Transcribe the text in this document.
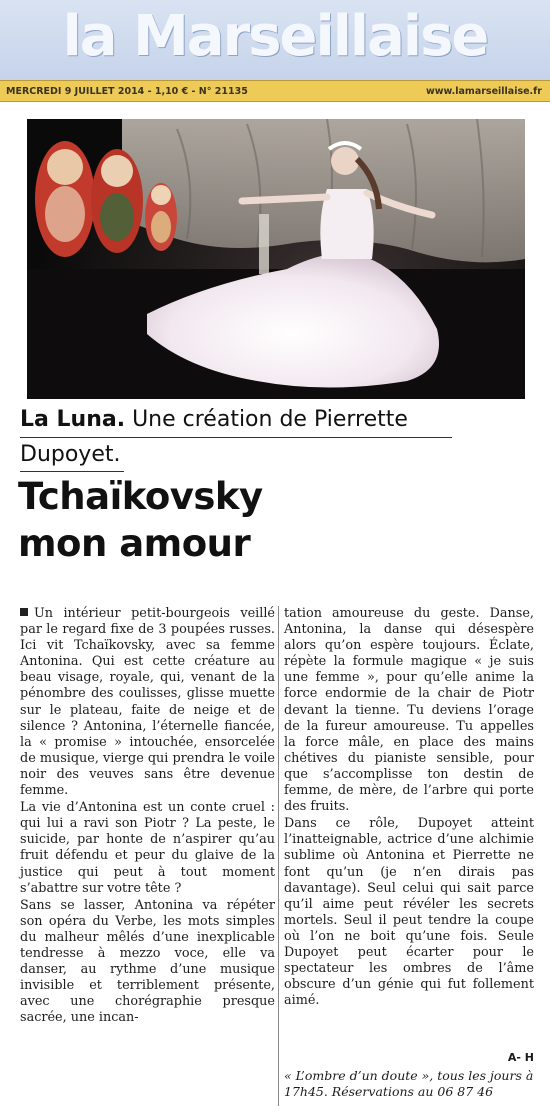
la Marseillaise
MERCREDI 9 JUILLET 2014 - 1,10 € - N° 21135	www.lamarseillaise.fr
La Luna. Une création de Pierrette
Dupoyet.
Tchaïkovsky
mon amour

Un intérieur petit-bourgeois veillé par le regard fixe de 3 poupées russes. Ici vit Tchaïkovsky, avec sa femme Antonina. Qui est cette créature au beau visage, royale, qui, venant de la pénombre des coulisses, glisse muette sur le plateau, faite de neige et de silence ? Antonina, l’éternelle fiancée, la « promise » intouchée, ensorcelée de musique, vierge qui prendra le voile noir des veuves sans être devenue femme.

La vie d’Antonina est un conte cruel : qui lui a ravi son Piotr ? La peste, le suicide, par honte de n’aspirer qu’au fruit défendu et peur du glaive de la justice qui peut à tout moment s’abattre sur votre tête ?

Sans se lasser, Antonina va répéter son opéra du Verbe, les mots simples du malheur mêlés d’une inexplicable tendresse à mezzo voce, elle va danser, au rythme d’une musique invisible et terriblement présente, avec une chorégraphie presque sacrée, une incan-

tation amoureuse du geste. Danse, Antonina, la danse qui désespère alors qu’on espère toujours. Éclate, répète la formule magique « je suis une femme », pour qu’elle anime la force endormie de la chair de Piotr devant la tienne. Tu deviens l’orage de la fureur amoureuse. Tu appelles la force mâle, en place des mains chétives du pianiste sensible, pour que s’accomplisse ton destin de femme, de mère, de l’arbre qui porte des fruits.

Dans ce rôle, Dupoyet atteint l’inatteignable, actrice d’une alchimie sublime où Antonina et Pierrette ne font qu’un (je n’en dirais pas davantage). Seul celui qui sait parce qu’il aime peut révéler les secrets mortels. Seul il peut tendre la coupe où l’on ne boit qu’une fois. Seule Dupoyet peut écarter pour le spectateur les ombres de l’âme obscure d’un génie qui fut follement aimé.

A- H
« L’ombre d’un doute », tous les jours à 17h45. Réservations au 06 87 46
